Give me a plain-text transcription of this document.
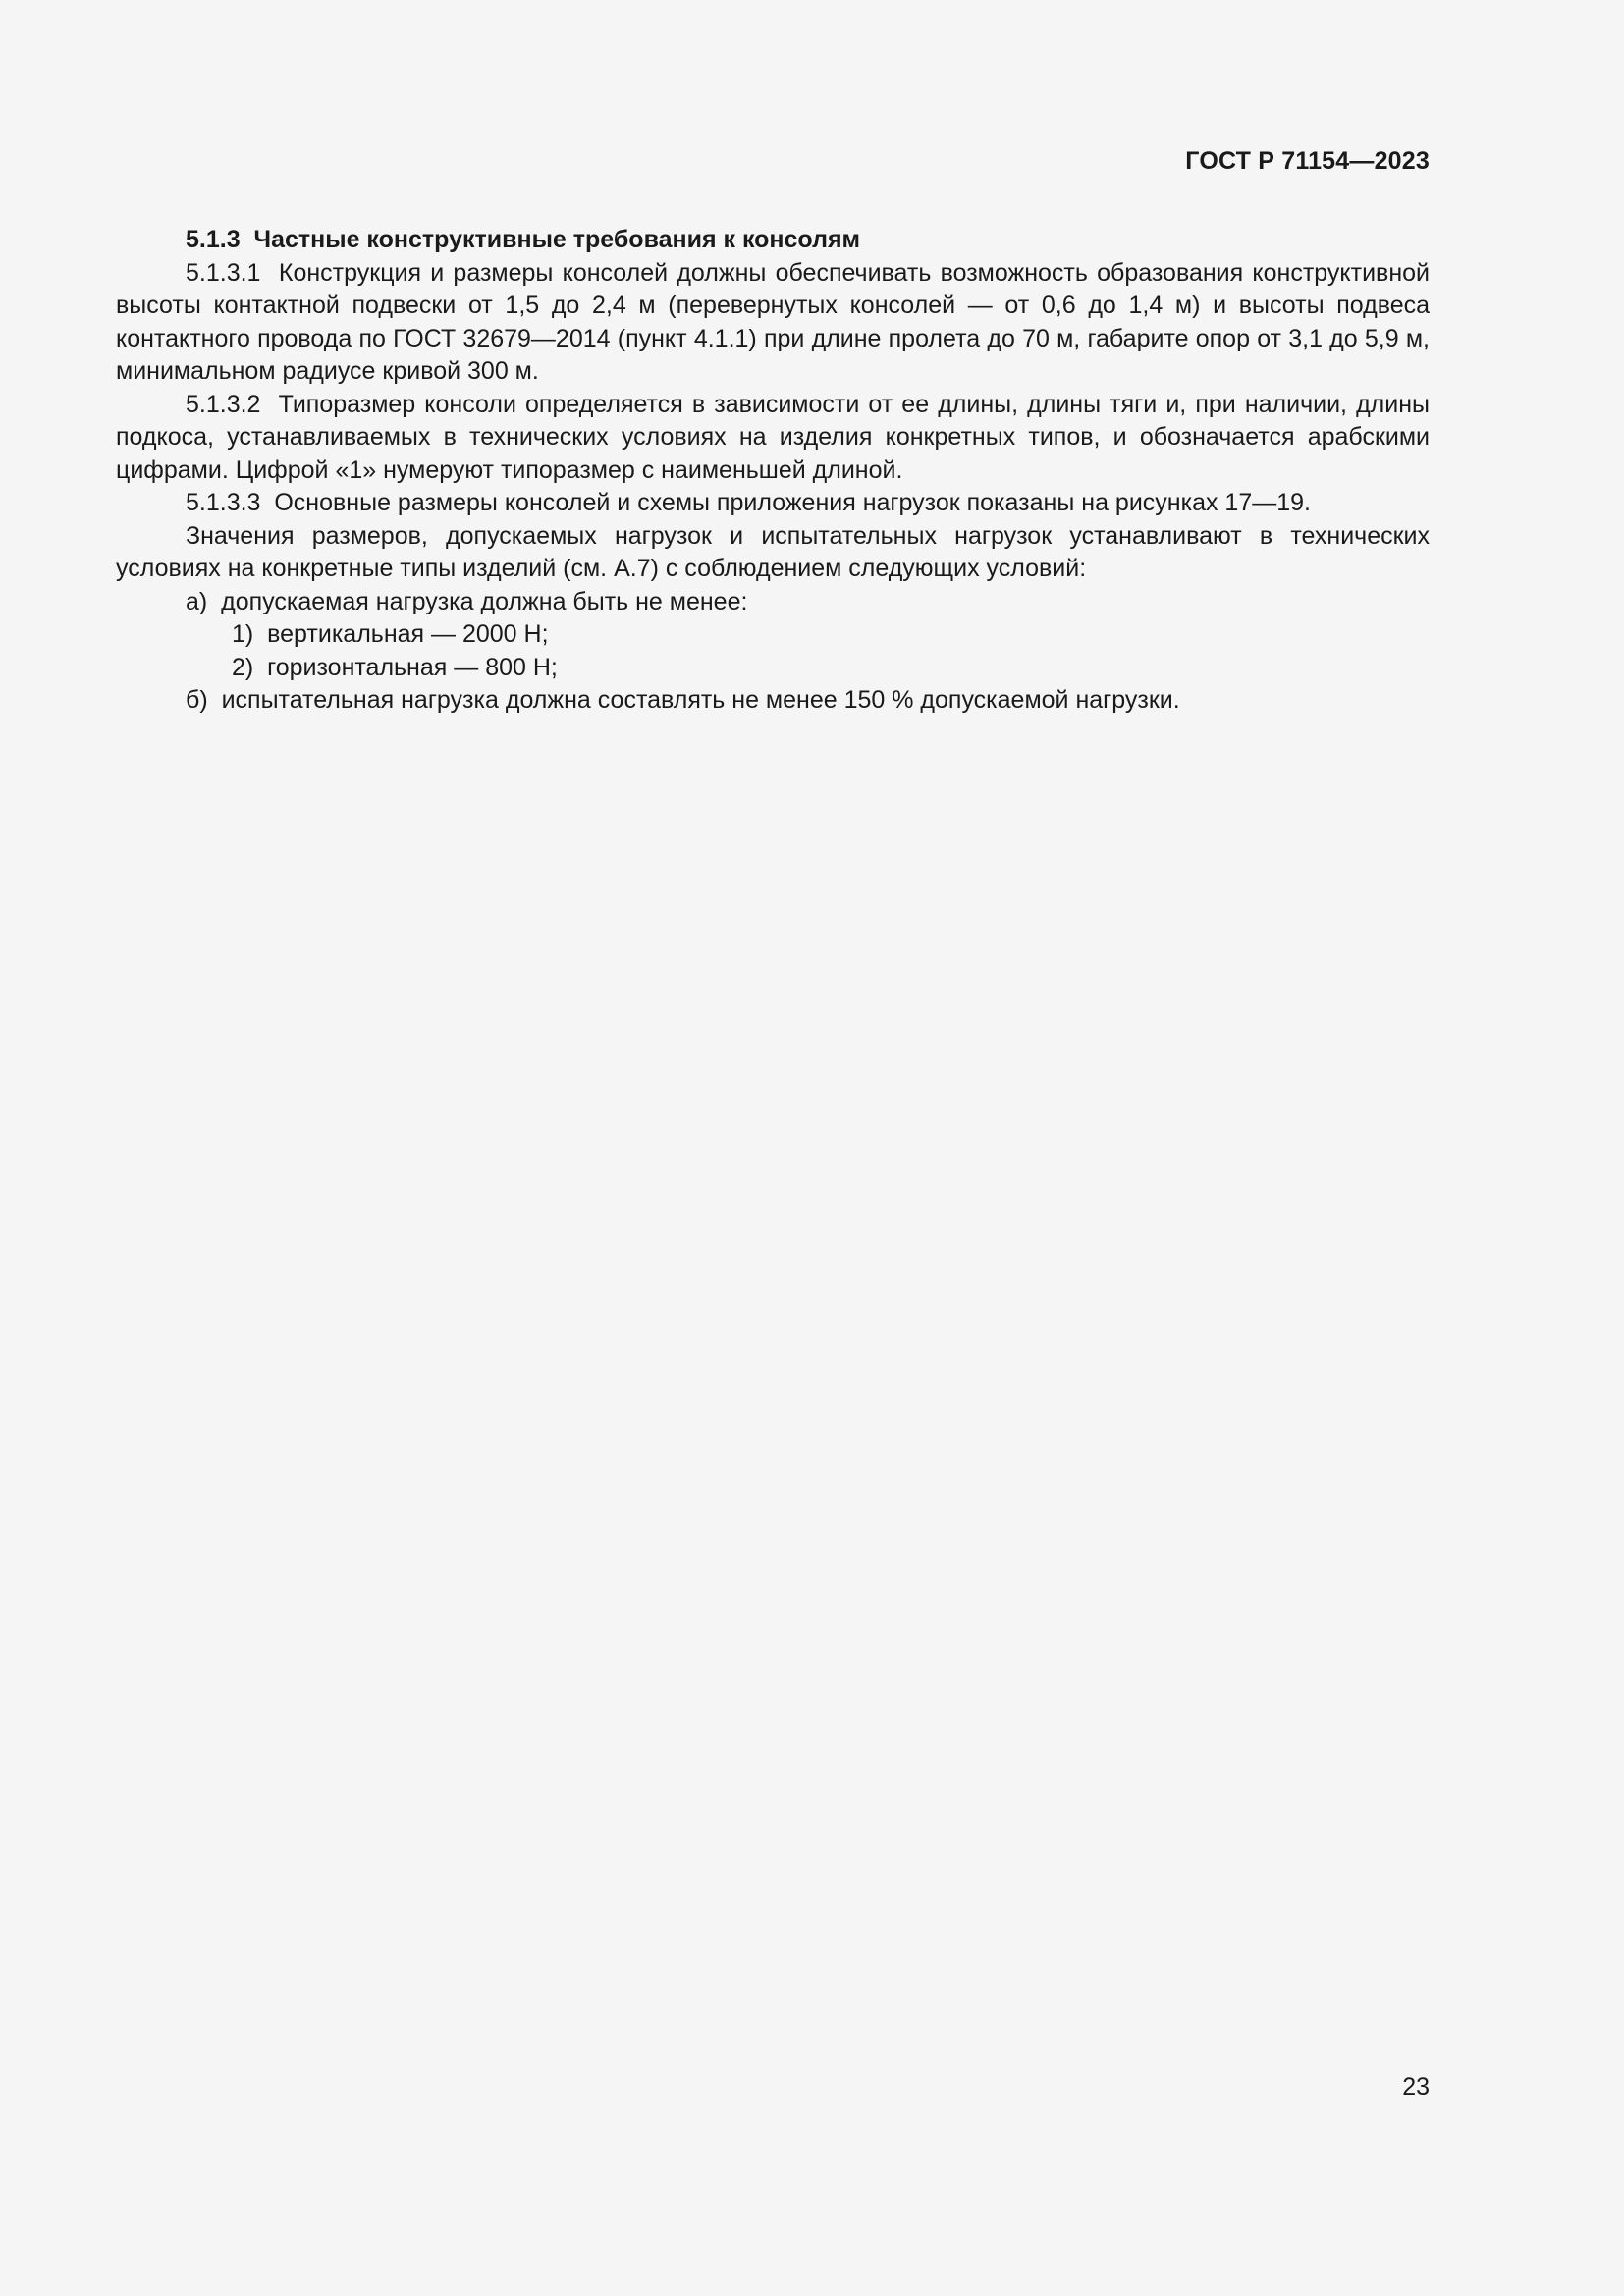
ГОСТ Р 71154—2023

5.1.3 Частные конструктивные требования к консолям

5.1.3.1 Конструкция и размеры консолей должны обеспечивать возможность образования конструктивной высоты контактной подвески от 1,5 до 2,4 м (перевернутых консолей — от 0,6 до 1,4 м) и высоты подвеса контактного провода по ГОСТ 32679—2014 (пункт 4.1.1) при длине пролета до 70 м, габарите опор от 3,1 до 5,9 м, минимальном радиусе кривой 300 м.

5.1.3.2 Типоразмер консоли определяется в зависимости от ее длины, длины тяги и, при наличии, длины подкоса, устанавливаемых в технических условиях на изделия конкретных типов, и обозначается арабскими цифрами. Цифрой «1» нумеруют типоразмер с наименьшей длиной.

5.1.3.3 Основные размеры консолей и схемы приложения нагрузок показаны на рисунках 17—19.

Значения размеров, допускаемых нагрузок и испытательных нагрузок устанавливают в технических условиях на конкретные типы изделий (см. А.7) с соблюдением следующих условий:

а) допускаемая нагрузка должна быть не менее:

1) вертикальная — 2000 Н;

2) горизонтальная — 800 Н;

б) испытательная нагрузка должна составлять не менее 150 % допускаемой нагрузки.

23
